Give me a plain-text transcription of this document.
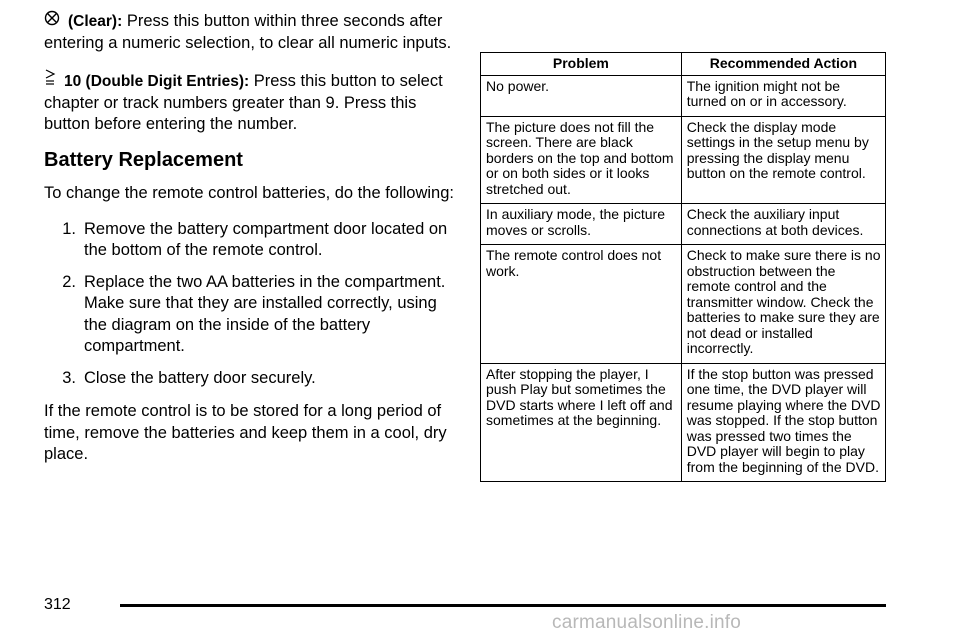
(Clear): Press this button within three seconds after entering a numeric selection, to clear all numeric inputs.

10 (Double Digit Entries): Press this button to select chapter or track numbers greater than 9. Press this button before entering the number.

Battery Replacement

To change the remote control batteries, do the following:

1. Remove the battery compartment door located on the bottom of the remote control.
2. Replace the two AA batteries in the compartment. Make sure that they are installed correctly, using the diagram on the inside of the battery compartment.
3. Close the battery door securely.

If the remote control is to be stored for a long period of time, remove the batteries and keep them in a cool, dry place.

Problem	Recommended Action
No power.	The ignition might not be turned on or in accessory.
The picture does not fill the screen. There are black borders on the top and bottom or on both sides or it looks stretched out.	Check the display mode settings in the setup menu by pressing the display menu button on the remote control.
In auxiliary mode, the picture moves or scrolls.	Check the auxiliary input connections at both devices.
The remote control does not work.	Check to make sure there is no obstruction between the remote control and the transmitter window. Check the batteries to make sure they are not dead or installed incorrectly.
After stopping the player, I push Play but sometimes the DVD starts where I left off and sometimes at the beginning.	If the stop button was pressed one time, the DVD player will resume playing where the DVD was stopped. If the stop button was pressed two times the DVD player will begin to play from the beginning of the DVD.
312
carmanualsonline.info
